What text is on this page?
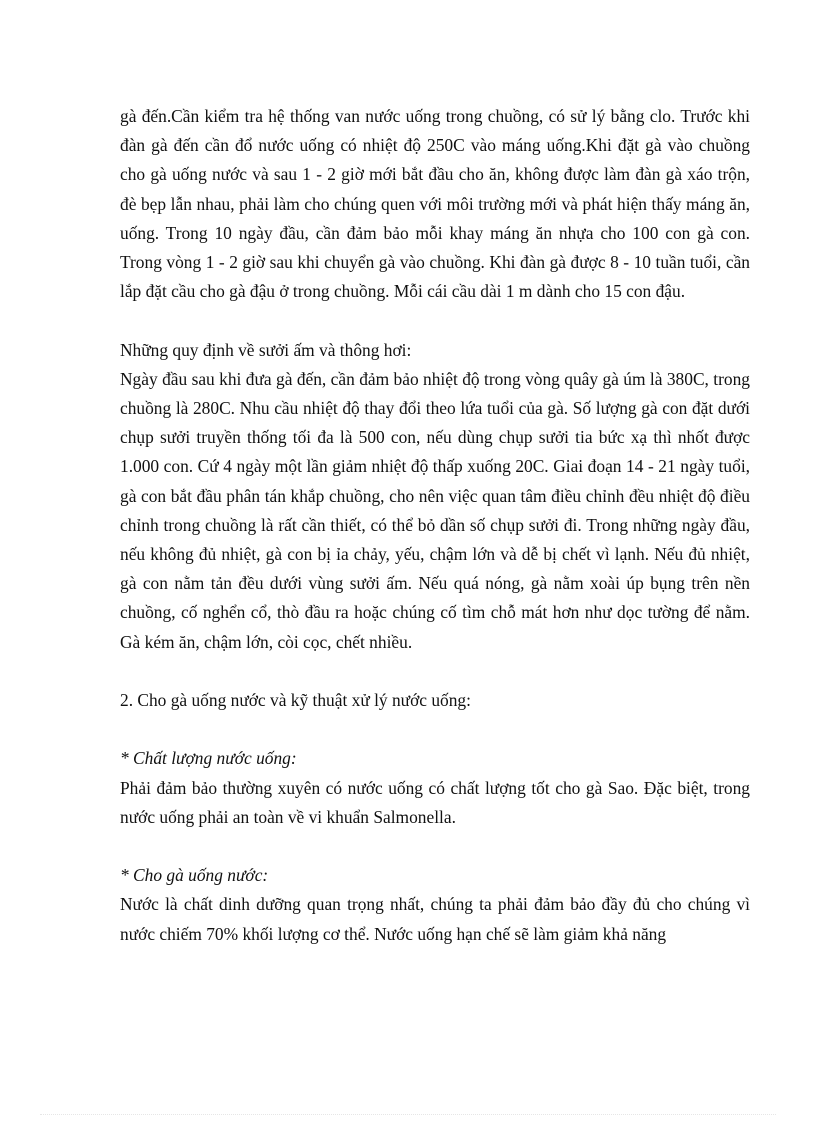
gà đến.Cần kiểm tra hệ thống van nước uống trong chuồng, có sử lý bằng clo. Trước khi đàn gà đến cần đổ nước uống có nhiệt độ 250C vào máng uống.Khi đặt gà vào chuồng cho gà uống nước và sau 1 - 2 giờ mới bắt đầu cho ăn, không được làm đàn gà xáo trộn, đè bẹp lẫn nhau, phải làm cho chúng quen với môi trường mới và phát hiện thấy máng ăn, uống. Trong 10 ngày đầu, cần đảm bảo mỗi khay máng ăn nhựa cho 100 con gà con. Trong vòng 1 - 2 giờ sau khi chuyển gà vào chuồng. Khi đàn gà được 8 - 10 tuần tuổi, cần lắp đặt cầu cho gà đậu ở trong chuồng. Mỗi cái cầu dài 1 m dành cho 15 con đậu.

Những quy định về sưởi ấm và thông hơi:

Ngày đầu sau khi đưa gà đến, cần đảm bảo nhiệt độ trong vòng quây gà úm là 380C, trong chuồng là 280C. Nhu cầu nhiệt độ thay đổi theo lứa tuổi của gà. Số lượng gà con đặt dưới chụp sưởi truyền thống tối đa là 500 con, nếu dùng chụp sưởi tia bức xạ thì nhốt được 1.000 con. Cứ 4 ngày một lần giảm nhiệt độ thấp xuống 20C. Giai đoạn 14 - 21 ngày tuổi, gà con bắt đầu phân tán khắp chuồng, cho nên việc quan tâm điều chỉnh đều nhiệt độ điều chỉnh trong chuồng là rất cần thiết, có thể bỏ dần số chụp sưởi đi. Trong những ngày đầu, nếu không đủ nhiệt, gà con bị ỉa chảy, yếu, chậm lớn và dễ bị chết vì lạnh. Nếu đủ nhiệt, gà con nằm tản đều dưới vùng sưởi ấm. Nếu quá nóng, gà nằm xoài úp bụng trên nền chuồng, cố nghển cổ, thò đầu ra hoặc chúng cố tìm chỗ mát hơn như dọc tường để nằm. Gà kém ăn, chậm lớn, còi cọc, chết nhiều.

2. Cho gà uống nước và kỹ thuật xử lý nước uống:

* Chất lượng nước uống:

Phải đảm bảo thường xuyên có nước uống có chất lượng tốt cho gà Sao. Đặc biệt, trong nước uống phải an toàn về vi khuẩn Salmonella.

* Cho gà uống nước:

Nước là chất dinh dưỡng quan trọng nhất, chúng ta phải đảm bảo đầy đủ cho chúng vì nước chiếm 70% khối lượng cơ thể. Nước uống hạn chế sẽ làm giảm khả năng
